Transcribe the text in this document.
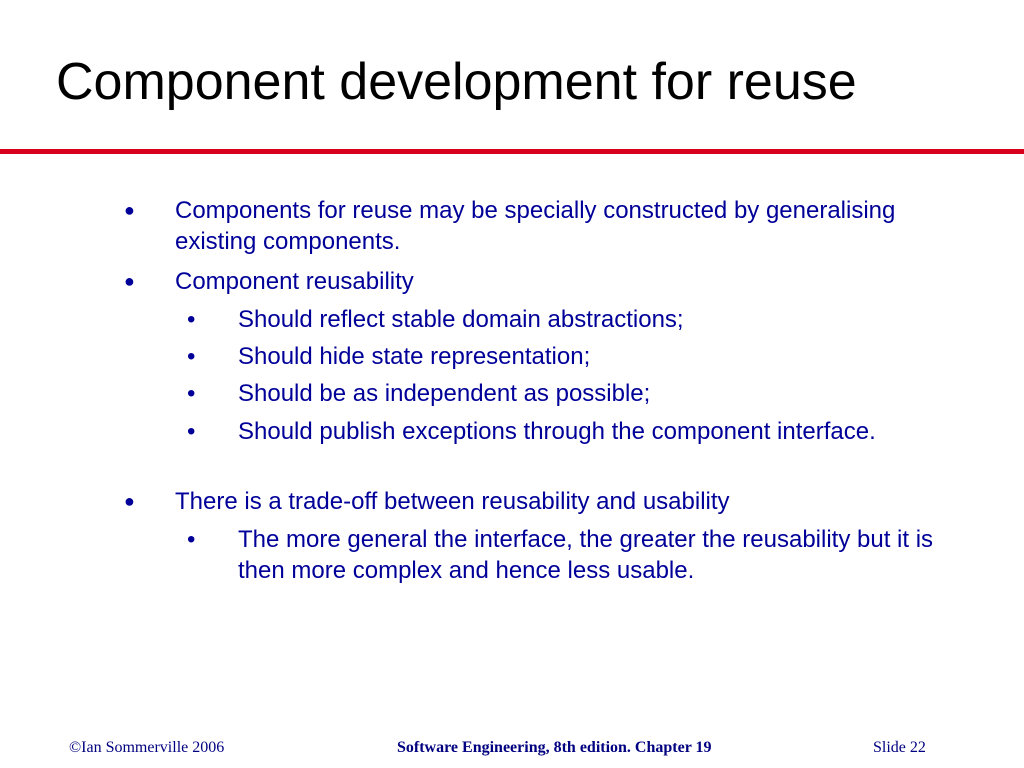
Component development for reuse
● Components for reuse may be specially constructed by generalising existing components.
● Component reusability
• Should reflect stable domain abstractions;
• Should hide state representation;
• Should be as independent as possible;
• Should publish exceptions through the component interface.
● There is a trade-off between reusability and usability
• The more general the interface, the greater the reusability but it is then more complex and hence less usable.
©Ian Sommerville 2006	Software Engineering, 8th edition. Chapter 19	Slide 22
